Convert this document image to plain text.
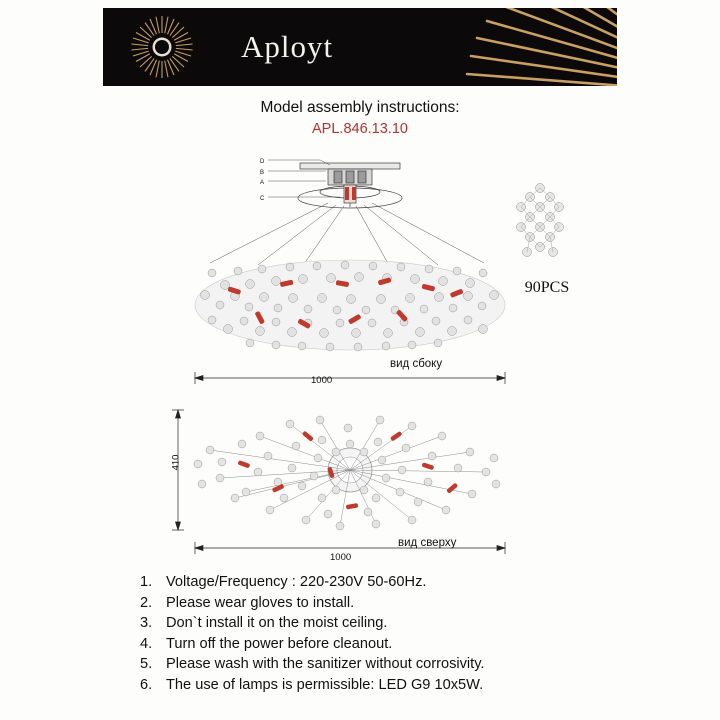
Aployt
Model assembly instructions:
APL.846.13.10
D
B
A
C
1000
вид сбоку
90PCS
1000
410
вид сверху
1. Voltage/Frequency : 220-230V 50-60Hz.
2. Please wear gloves to install.
3. Don`t install it on the moist ceiling.
4. Turn off the power before cleanout.
5. Please wash with the sanitizer without corrosivity.
6. The use of lamps is permissible: LED G9 10x5W.
